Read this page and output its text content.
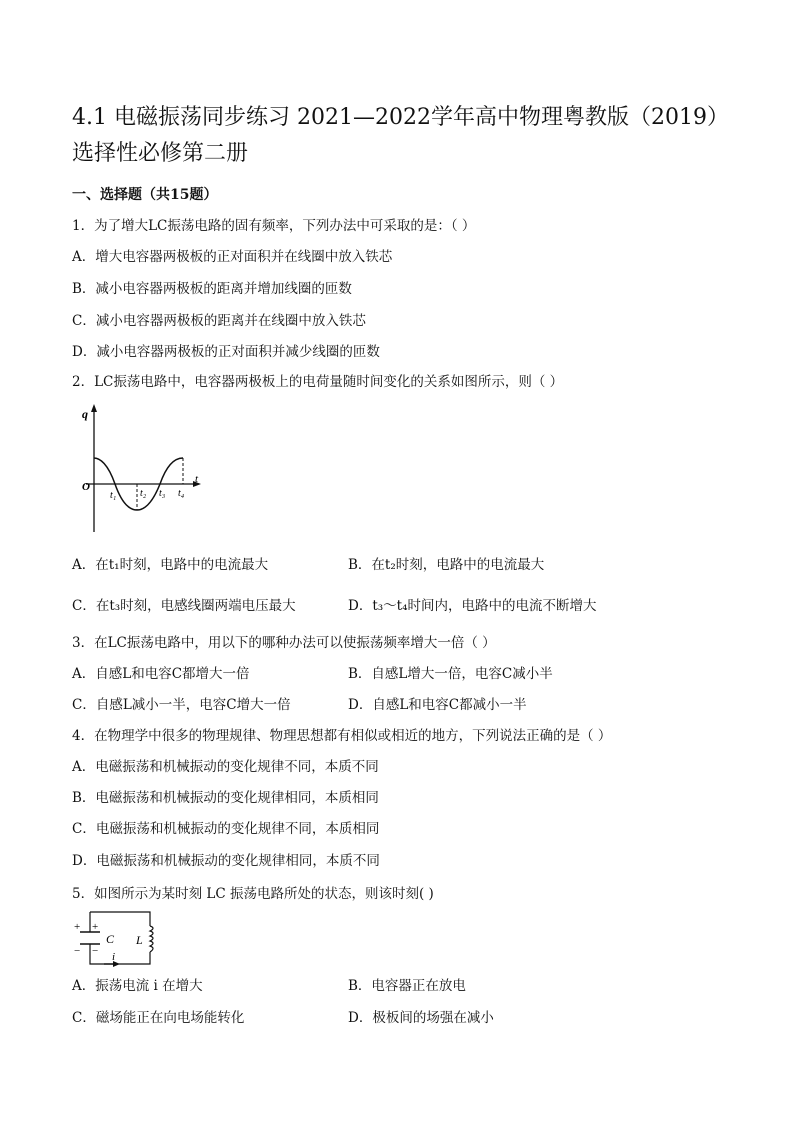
4.1 电磁振荡同步练习 2021—2022学年高中物理粤教版（2019）选择性必修第二册
一、选择题（共15题）
1．为了增大LC振荡电路的固有频率，下列办法中可采取的是：（ ）
A．增大电容器两极板的正对面积并在线圈中放入铁芯
B．减小电容器两极板的距离并增加线圈的匝数
C．减小电容器两极板的距离并在线圈中放入铁芯
D．减小电容器两极板的正对面积并减少线圈的匝数
2．LC振荡电路中，电容器两极板上的电荷量随时间变化的关系如图所示，则（ ）
q
O
t
t₁ t₂ t₃ t₄
A．在t₁时刻，电路中的电流最大	B．在t₂时刻，电路中的电流最大
C．在t₃时刻，电感线圈两端电压最大	D．t₃～t₄时间内，电路中的电流不断增大
3．在LC振荡电路中，用以下的哪种办法可以使振荡频率增大一倍（ ）
A．自感L和电容C都增大一倍	B．自感L增大一倍，电容C减小半
C．自感L减小一半，电容C增大一倍	D．自感L和电容C都减小一半
4．在物理学中很多的物理规律、物理思想都有相似或相近的地方，下列说法正确的是（ ）
A．电磁振荡和机械振动的变化规律不同，本质不同
B．电磁振荡和机械振动的变化规律相同，本质相同
C．电磁振荡和机械振动的变化规律不同，本质相同
D．电磁振荡和机械振动的变化规律相同，本质不同
5．如图所示为某时刻 LC 振荡电路所处的状态，则该时刻( )
+ +
− −
C L
i
A．振荡电流 i 在增大	B．电容器正在放电
C．磁场能正在向电场能转化	D．极板间的场强在减小
